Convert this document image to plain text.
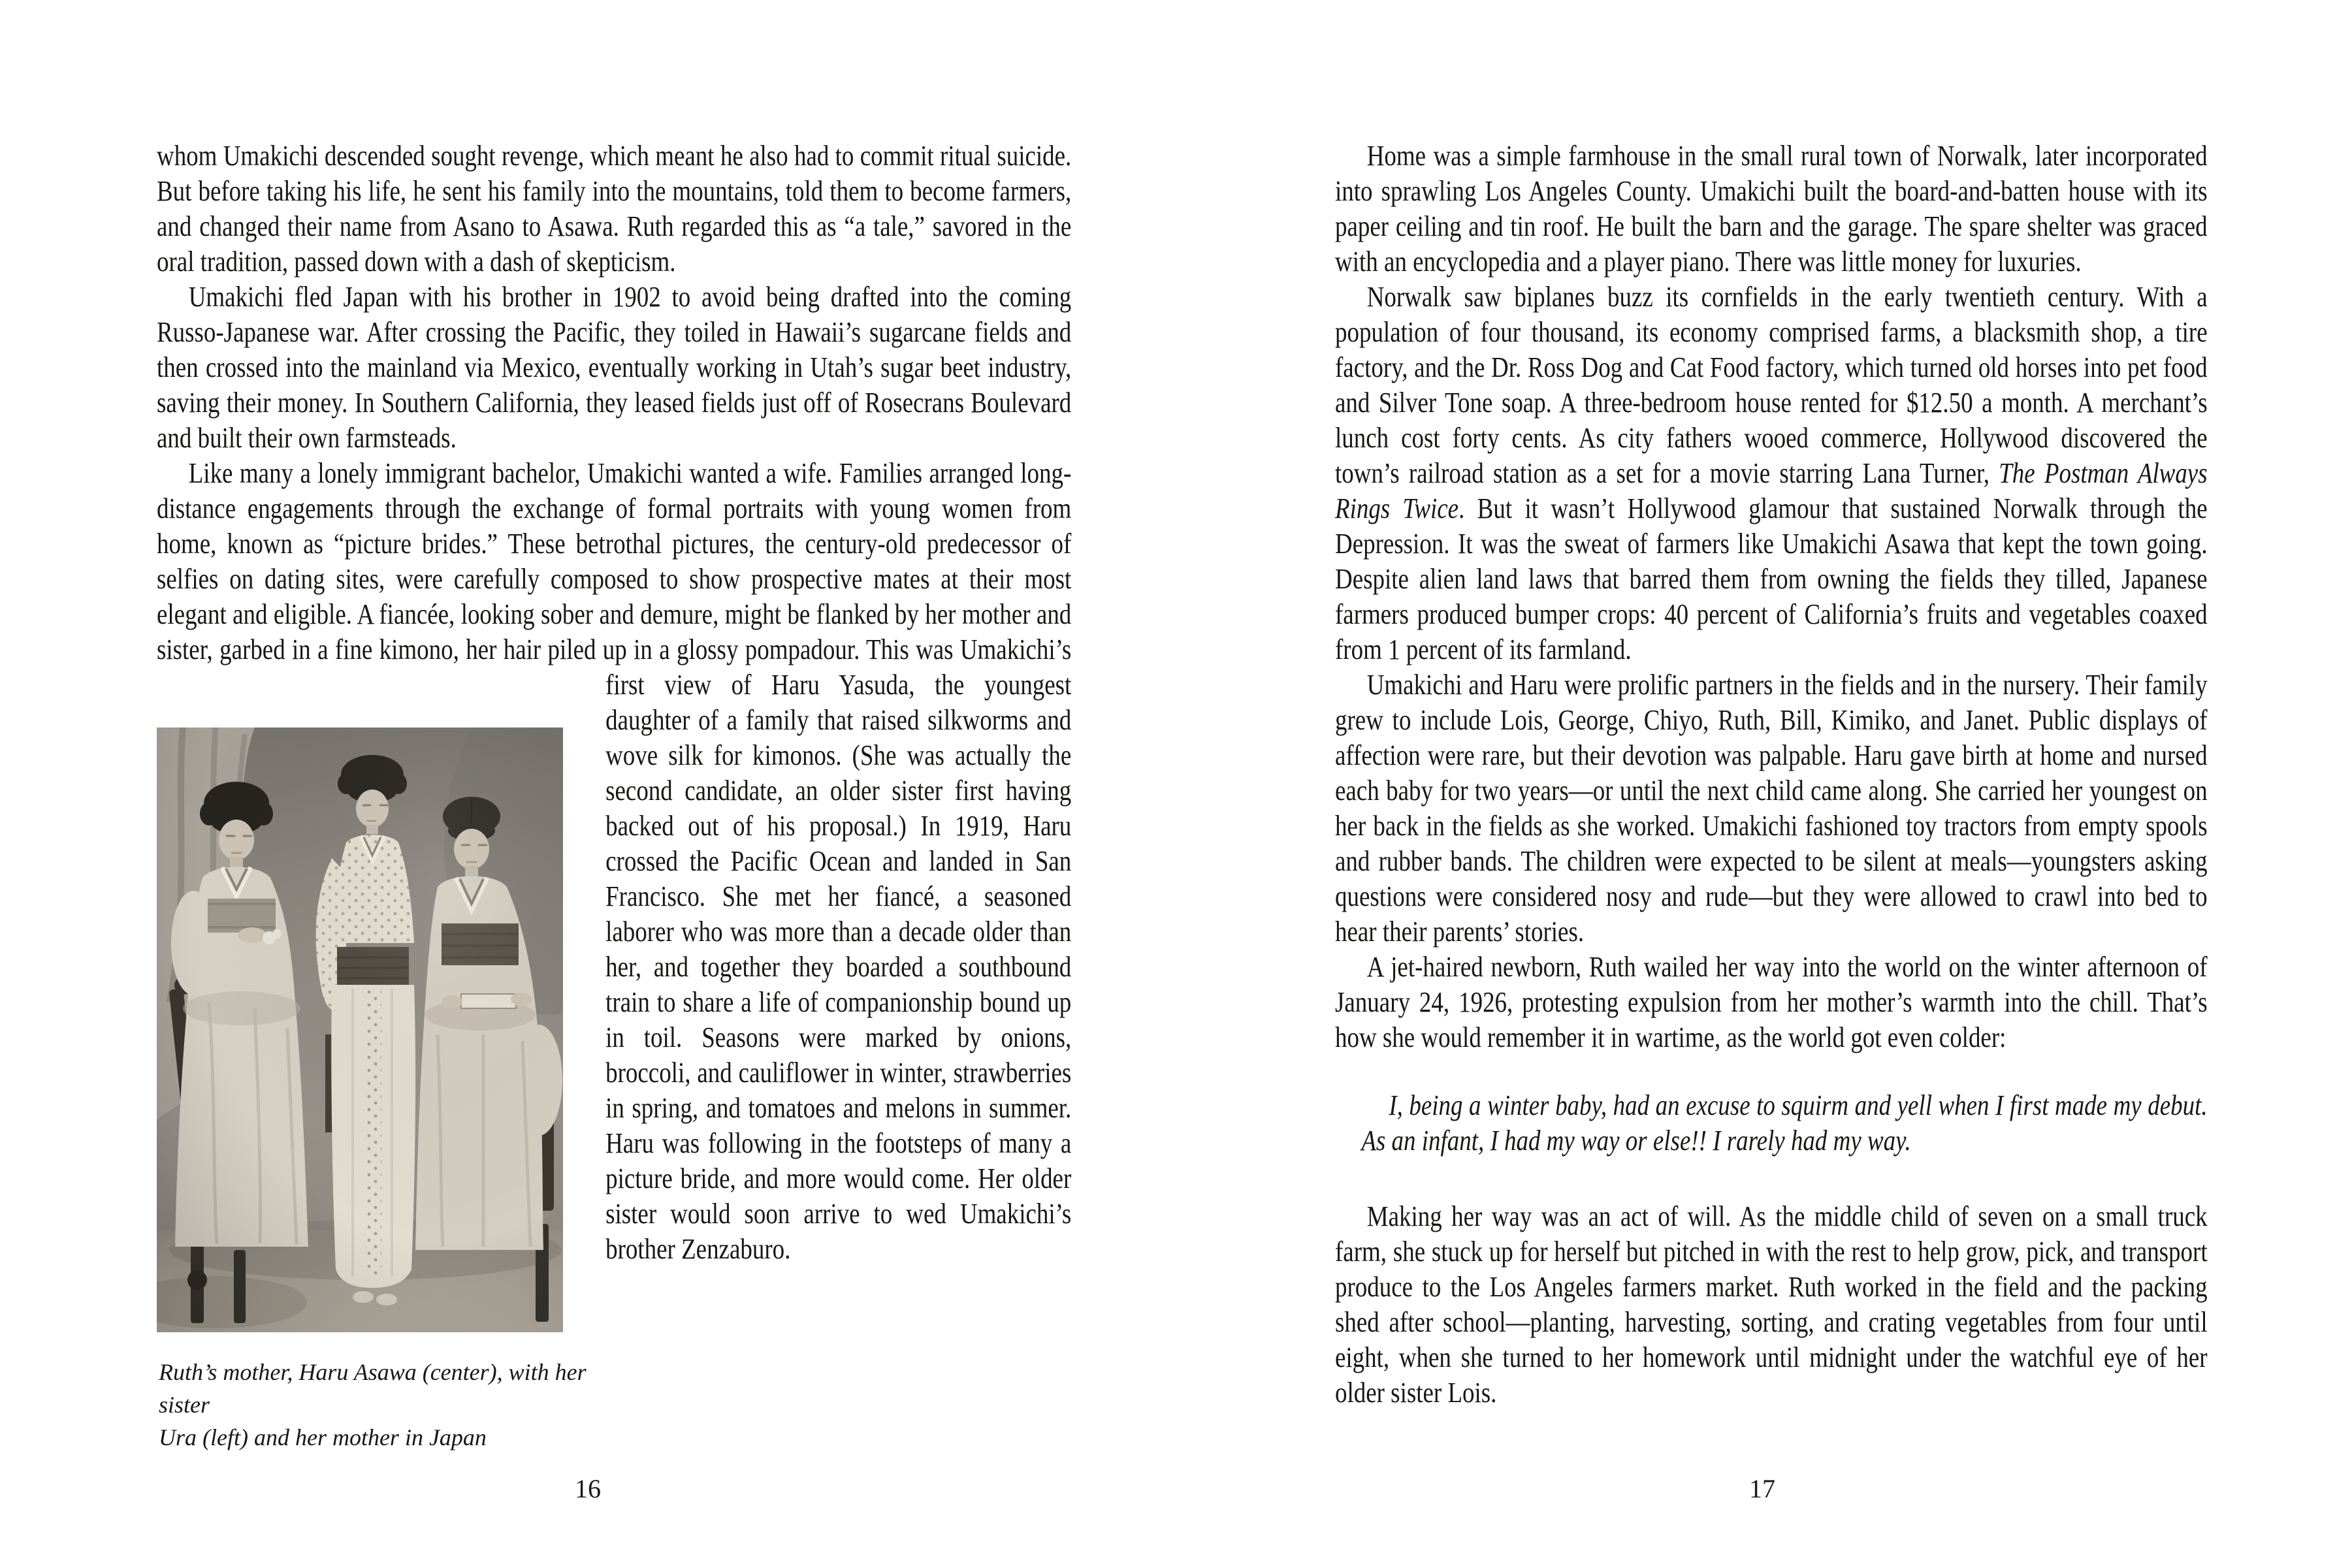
whom Umakichi descended sought revenge, which meant he also had to commit ritual suicide. But before taking his life, he sent his family into the mountains, told them to become farmers, and changed their name from Asano to Asawa. Ruth regarded this as “a tale,” savored in the oral tradition, passed down with a dash of skepticism.

Umakichi fled Japan with his brother in 1902 to avoid being drafted into the coming Russo-Japanese war. After crossing the Pacific, they toiled in Hawaii’s sugarcane fields and then crossed into the mainland via Mexico, eventually working in Utah’s sugar beet industry, saving their money. In Southern California, they leased fields just off of Rosecrans Boulevard and built their own farmsteads.

Like many a lonely immigrant bachelor, Umakichi wanted a wife. Families arranged long-distance engagements through the exchange of formal portraits with young women from home, known as “picture brides.” These betrothal pictures, the century-old predecessor of selfies on dating sites, were carefully composed to show prospective mates at their most elegant and eligible. A fiancée, looking sober and demure, might be flanked by her mother and sister, garbed in a fine kimono, her hair piled up in a glossy
pompadour. This was Umakichi’s first view of Haru Yasuda, the youngest daughter of a family that raised silkworms and wove silk for kimonos. (She was actually the second candidate, an older sister first having backed out of his proposal.) In 1919, Haru crossed the Pacific Ocean and landed in San Francisco. She met her fiancé, a seasoned laborer who was more than a decade older than her, and together they boarded a southbound train to share a life of companionship bound up in toil. Seasons were marked by onions, broccoli, and cauliflower in winter, strawberries in spring, and tomatoes and melons in summer. Haru was following in the footsteps of many a picture bride, and more would come. Her older sister would soon arrive to wed Umakichi’s brother Zenzaburo.

Ruth’s mother, Haru Asawa (center), with her sister
Ura (left) and her mother in Japan
16

Home was a simple farmhouse in the small rural town of Norwalk, later incorporated into sprawling Los Angeles County. Umakichi built the board-and-batten house with its paper ceiling and tin roof. He built the barn and the garage. The spare shelter was graced with an encyclopedia and a player piano. There was little money for luxuries.

Norwalk saw biplanes buzz its cornfields in the early twentieth century. With a population of four thousand, its economy comprised farms, a blacksmith shop, a tire factory, and the Dr. Ross Dog and Cat Food factory, which turned old horses into pet food and Silver Tone soap. A three-bedroom house rented for $12.50 a month. A merchant’s lunch cost forty cents. As city fathers wooed commerce, Hollywood discovered the town’s railroad station as a set for a movie starring Lana Turner, The Postman Always Rings Twice. But it wasn’t Hollywood glamour that sustained Norwalk through the Depression. It was the sweat of farmers like Umakichi Asawa that kept the town going. Despite alien land laws that barred them from owning the fields they tilled, Japanese farmers produced bumper crops: 40 percent of California’s fruits and vegetables coaxed from 1 percent of its farmland.

Umakichi and Haru were prolific partners in the fields and in the nursery. Their family grew to include Lois, George, Chiyo, Ruth, Bill, Kimiko, and Janet. Public displays of affection were rare, but their devotion was palpable. Haru gave birth at home and nursed each baby for two years—or until the next child came along. She carried her youngest on her back in the fields as she worked. Umakichi fashioned toy tractors from empty spools and rubber bands. The children were expected to be silent at meals—youngsters asking questions were considered nosy and rude—but they were allowed to crawl into bed to hear their parents’ stories.

A jet-haired newborn, Ruth wailed her way into the world on the winter afternoon of January 24, 1926, protesting expulsion from her mother’s warmth into the chill. That’s how she would remember it in wartime, as the world got even colder:

I, being a winter baby, had an excuse to squirm and yell when I first made my debut. As an infant, I had my way or else!! I rarely had my way.

Making her way was an act of will. As the middle child of seven on a small truck farm, she stuck up for herself but pitched in with the rest to help grow, pick, and transport produce to the Los Angeles farmers market. Ruth worked in the field and the packing shed after school—planting, harvesting, sorting, and crating vegetables from four until eight, when she turned to her homework until midnight under the watchful eye of her older sister Lois.

17
